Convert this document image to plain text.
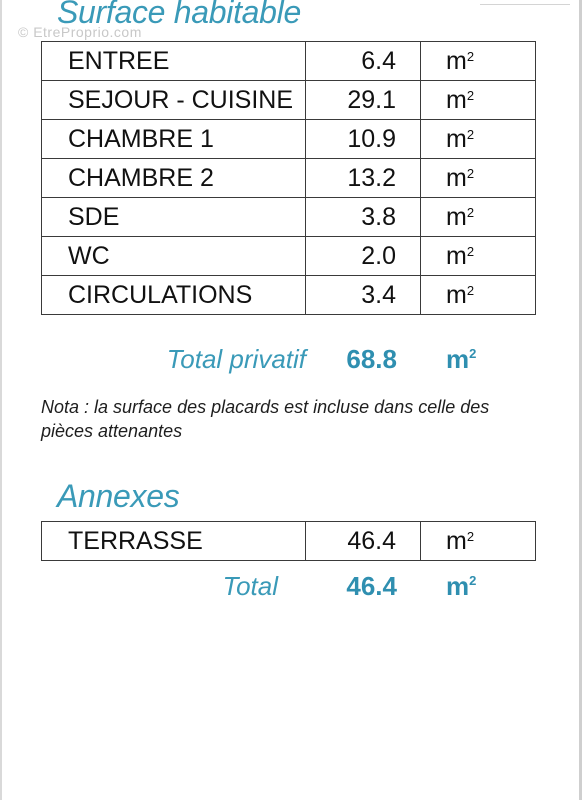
Surface habitable
© EtreProprio.com
ENTREE	6.4	$m^2$
SEJOUR - CUISINE	29.1	$m^2$
CHAMBRE 1	10.9	$m^2$
CHAMBRE 2	13.2	$m^2$
SDE	3.8	$m^2$
WC	2.0	$m^2$
CIRCULATIONS	3.4	$m^2$
Total privatif	68.8 $m^2$
Nota : la surface des placards est incluse dans celle des pièces attenantes
Annexes
TERRASSE	46.4	$m^2$
Total	46.4 $m^2$
